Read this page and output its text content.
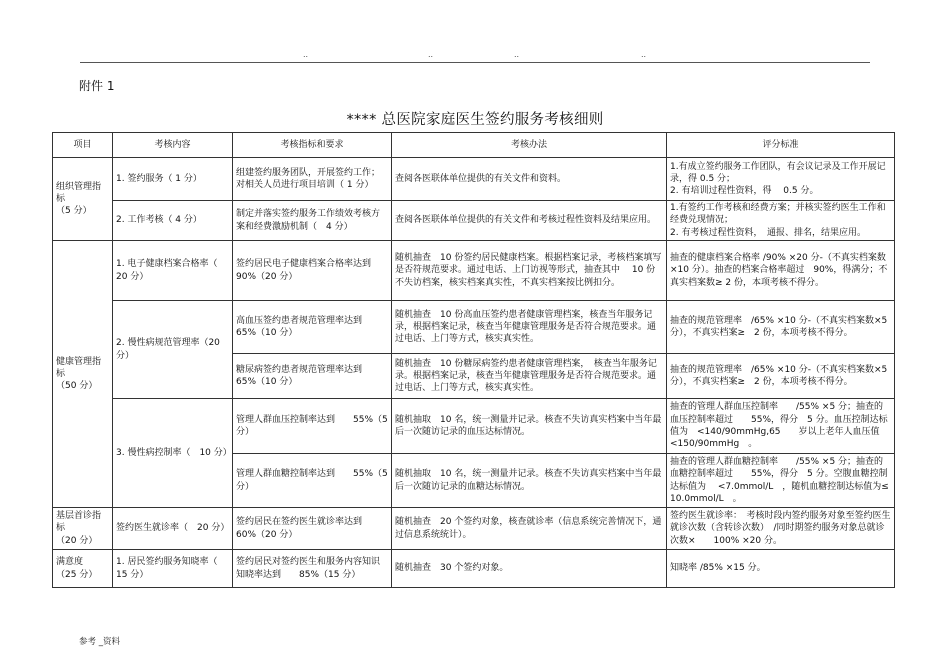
..	..	..	..
附件 1
**** 总医院家庭医生签约服务考核细则
项目	考核内容	考核指标和要求	考核办法	评分标准
组织管理指标
（5 分）	1. 签约服务（ 1 分）	组建签约服务团队，开展签约工作；对相关人员进行项目培训（ 1 分）	查阅各医联体单位提供的有关文件和资料。	1.有成立签约服务工作团队，有会议记录及工作开展记录，得 0.5 分；
2. 有培训过程性资料，得　 0.5 分。
	2. 工作考核（ 4 分）	制定并落实签约服务工作绩效考核方案和经费激励机制（　4 分）	查阅各医联体单位提供的有关文件和考核过程性资料及结果应用。	1.有签约工作考核和经费方案；并核实签约医生工作和经费兑现情况；
2. 有考核过程性资料，　通报、排名，结果应用。
健康管理指标
（50 分）	1. 电子健康档案合格率（ 20 分）	签约居民电子健康档案合格率达到　90%（20 分）	随机抽查　10 份签约居民健康档案。根据档案记录，考核档案填写是否符规范要求。通过电话、上门访视等形式，抽查其中　 10 份不失访档案，核实档案真实性，不真实档案按比例扣分。	抽查的健康档案合格率 /90% ×20 分-（不真实档案数×10 分）。抽查的档案合格率超过　90%，得满分；不真实档案数≥ 2 份，本项考核不得分。
	2. 慢性病规范管理率（20 分）	高血压签约患者规范管理率达到 65%（10 分）	随机抽查　10 份高血压签约患者健康管理档案，核查当年服务记录，根据档案记录，核查当年健康管理服务是否符合规范要求。通过电话、上门等方式，核实真实性。	抽查的规范管理率　/65% ×10 分-（不真实档案数×5 分），不真实档案≥　2 份，本项考核不得分。
		糖尿病签约患者规范管理率达到 65%（10 分）	随机抽查　10 份糖尿病签约患者健康管理档案，　核查当年服务记录。根据档案记录，核查当年健康管理服务是否符合规范要求。通过电话、上门等方式，核实真实性。	抽查的规范管理率　/65% ×10 分-（不真实档案数×5 分），不真实档案≥　2 份，本项考核不得分。
	3. 慢性病控制率（　10 分）	管理人群血压控制率达到　　55%（5 分）	随机抽取　10 名，统一测量并记录。核查不失访真实档案中当年最后一次随访记录的血压达标情况。	抽查的管理人群血压控制率　　/55% ×5 分；抽查的血压控制率超过　　55%，得分　5 分。血压控制达标值为　<140/90mmHg,65　　岁以上老年人血压值　<150/90mmHg　。
		管理人群血糖控制率达到　　55%（5 分）	随机抽取　10 名，统一测量并记录。核查不失访真实档案中当年最后一次随访记录的血糖达标情况。	抽查的管理人群血糖控制率　　/55% ×5 分；抽查的血糖控制率超过　　55%，得分　5 分。空腹血糖控制达标值为　 <7.0mmol/L　，随机血糖控制达标值为≤　10.0mmol/L　。
基层首诊指标
（20 分）	签约医生就诊率（　20 分）	签约居民在签约医生就诊率达到　60%（20 分）	随机抽查　20 个签约对象，核查就诊率（信息系统完善情况下，通过信息系统统计）。	签约医生就诊率：　考核时段内签约服务对象至签约医生就诊次数（含转诊次数）　/同时期签约服务对象总就诊次数×　　100% ×20 分。
满意度
（25 分）	1. 居民签约服务知晓率（ 15 分）	签约居民对签约医生和服务内容知识知晓率达到　　85%（15 分）	随机抽查　30 个签约对象。	知晓率 /85% ×15 分。
参考 _资料
